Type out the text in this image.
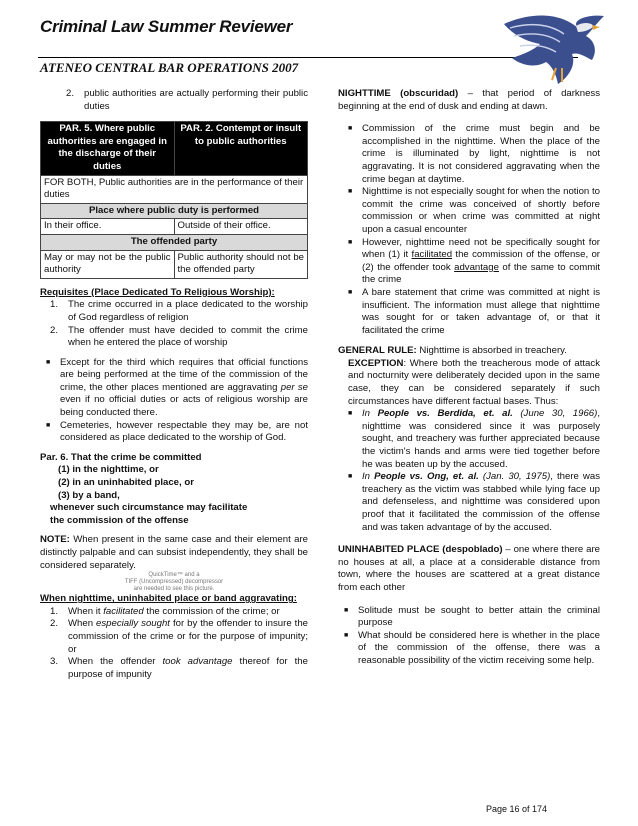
Criminal Law Summer Reviewer
ATENEO CENTRAL BAR OPERATIONS 2007
2.	public authorities are actually performing their public duties
PAR. 5. Where public authorities are engaged in the discharge of their duties	PAR. 2. Contempt or insult to public authorities
FOR BOTH, Public authorities are in the performance of their duties	
Place where public duty is performed	
In their office.	Outside of their office.
The offended party	
May or may not be the public authority	Public authority should not be the offended party

Requisites (Place Dedicated To Religious Worship):

1.	The crime occurred in a place dedicated to the worship of God regardless of religion
2.	The offender must have decided to commit the crime when he entered the place of worship
■	Except for the third which requires that official functions are being performed at the time of the commission of the crime, the other places mentioned are aggravating per se even if no official duties or acts of religious worship are being conducted there.
■	Cemeteries, however respectable they may be, are not considered as place dedicated to the worship of God.

Par. 6. That the crime be committed

(1) in the nighttime, or

(2) in an uninhabited place, or

(3) by a band,

whenever such circumstance may facilitate

the commission of the offense

NOTE: When present in the same case and their element are distinctly palpable and can subsist independently, they shall be considered separately.

QuickTime™ and a
TIFF (Uncompressed) decompressor
are needed to see this picture.

When nighttime, uninhabited place or band aggravating:

1.	When it facilitated the commission of the crime; or
2.	When especially sought for by the offender to insure the commission of the crime or for the purpose of impunity; or
3.	When the offender took advantage thereof for the purpose of impunity

NIGHTTIME (obscuridad) – that period of darkness beginning at the end of dusk and ending at dawn.

■	Commission of the crime must begin and be accomplished in the nighttime. When the place of the crime is illuminated by light, nighttime is not aggravating. It is not considered aggravating when the crime began at daytime.
■	Nighttime is not especially sought for when the notion to commit the crime was conceived of shortly before commission or when crime was committed at night upon a casual encounter
■	However, nighttime need not be specifically sought for when (1) it facilitated the commission of the offense, or (2) the offender took advantage of the same to commit the crime
■	A bare statement that crime was committed at night is insufficient. The information must allege that nighttime was sought for or taken advantage of, or that it facilitated the crime

GENERAL RULE: Nighttime is absorbed in treachery.

EXCEPTION: Where both the treacherous mode of attack and nocturnity were deliberately decided upon in the same case, they can be considered separately if such circumstances have different factual bases. Thus:

■	In People vs. Berdida, et. al. (June 30, 1966), nighttime was considered since it was purposely sought, and treachery was further appreciated because the victim's hands and arms were tied together before he was beaten up by the accused.
■	In People vs. Ong, et. al. (Jan. 30, 1975), there was treachery as the victim was stabbed while lying face up and defenseless, and nighttime was considered upon proof that it facilitated the commission of the offense and was taken advantage of by the accused.

UNINHABITED PLACE (despoblado) – one where there are no houses at all, a place at a considerable distance from town, where the houses are scattered at a great distance from each other

■	Solitude must be sought to better attain the criminal purpose
■	What should be considered here is whether in the place of the commission of the offense, there was a reasonable possibility of the victim receiving some help.
Page 16 of 174
